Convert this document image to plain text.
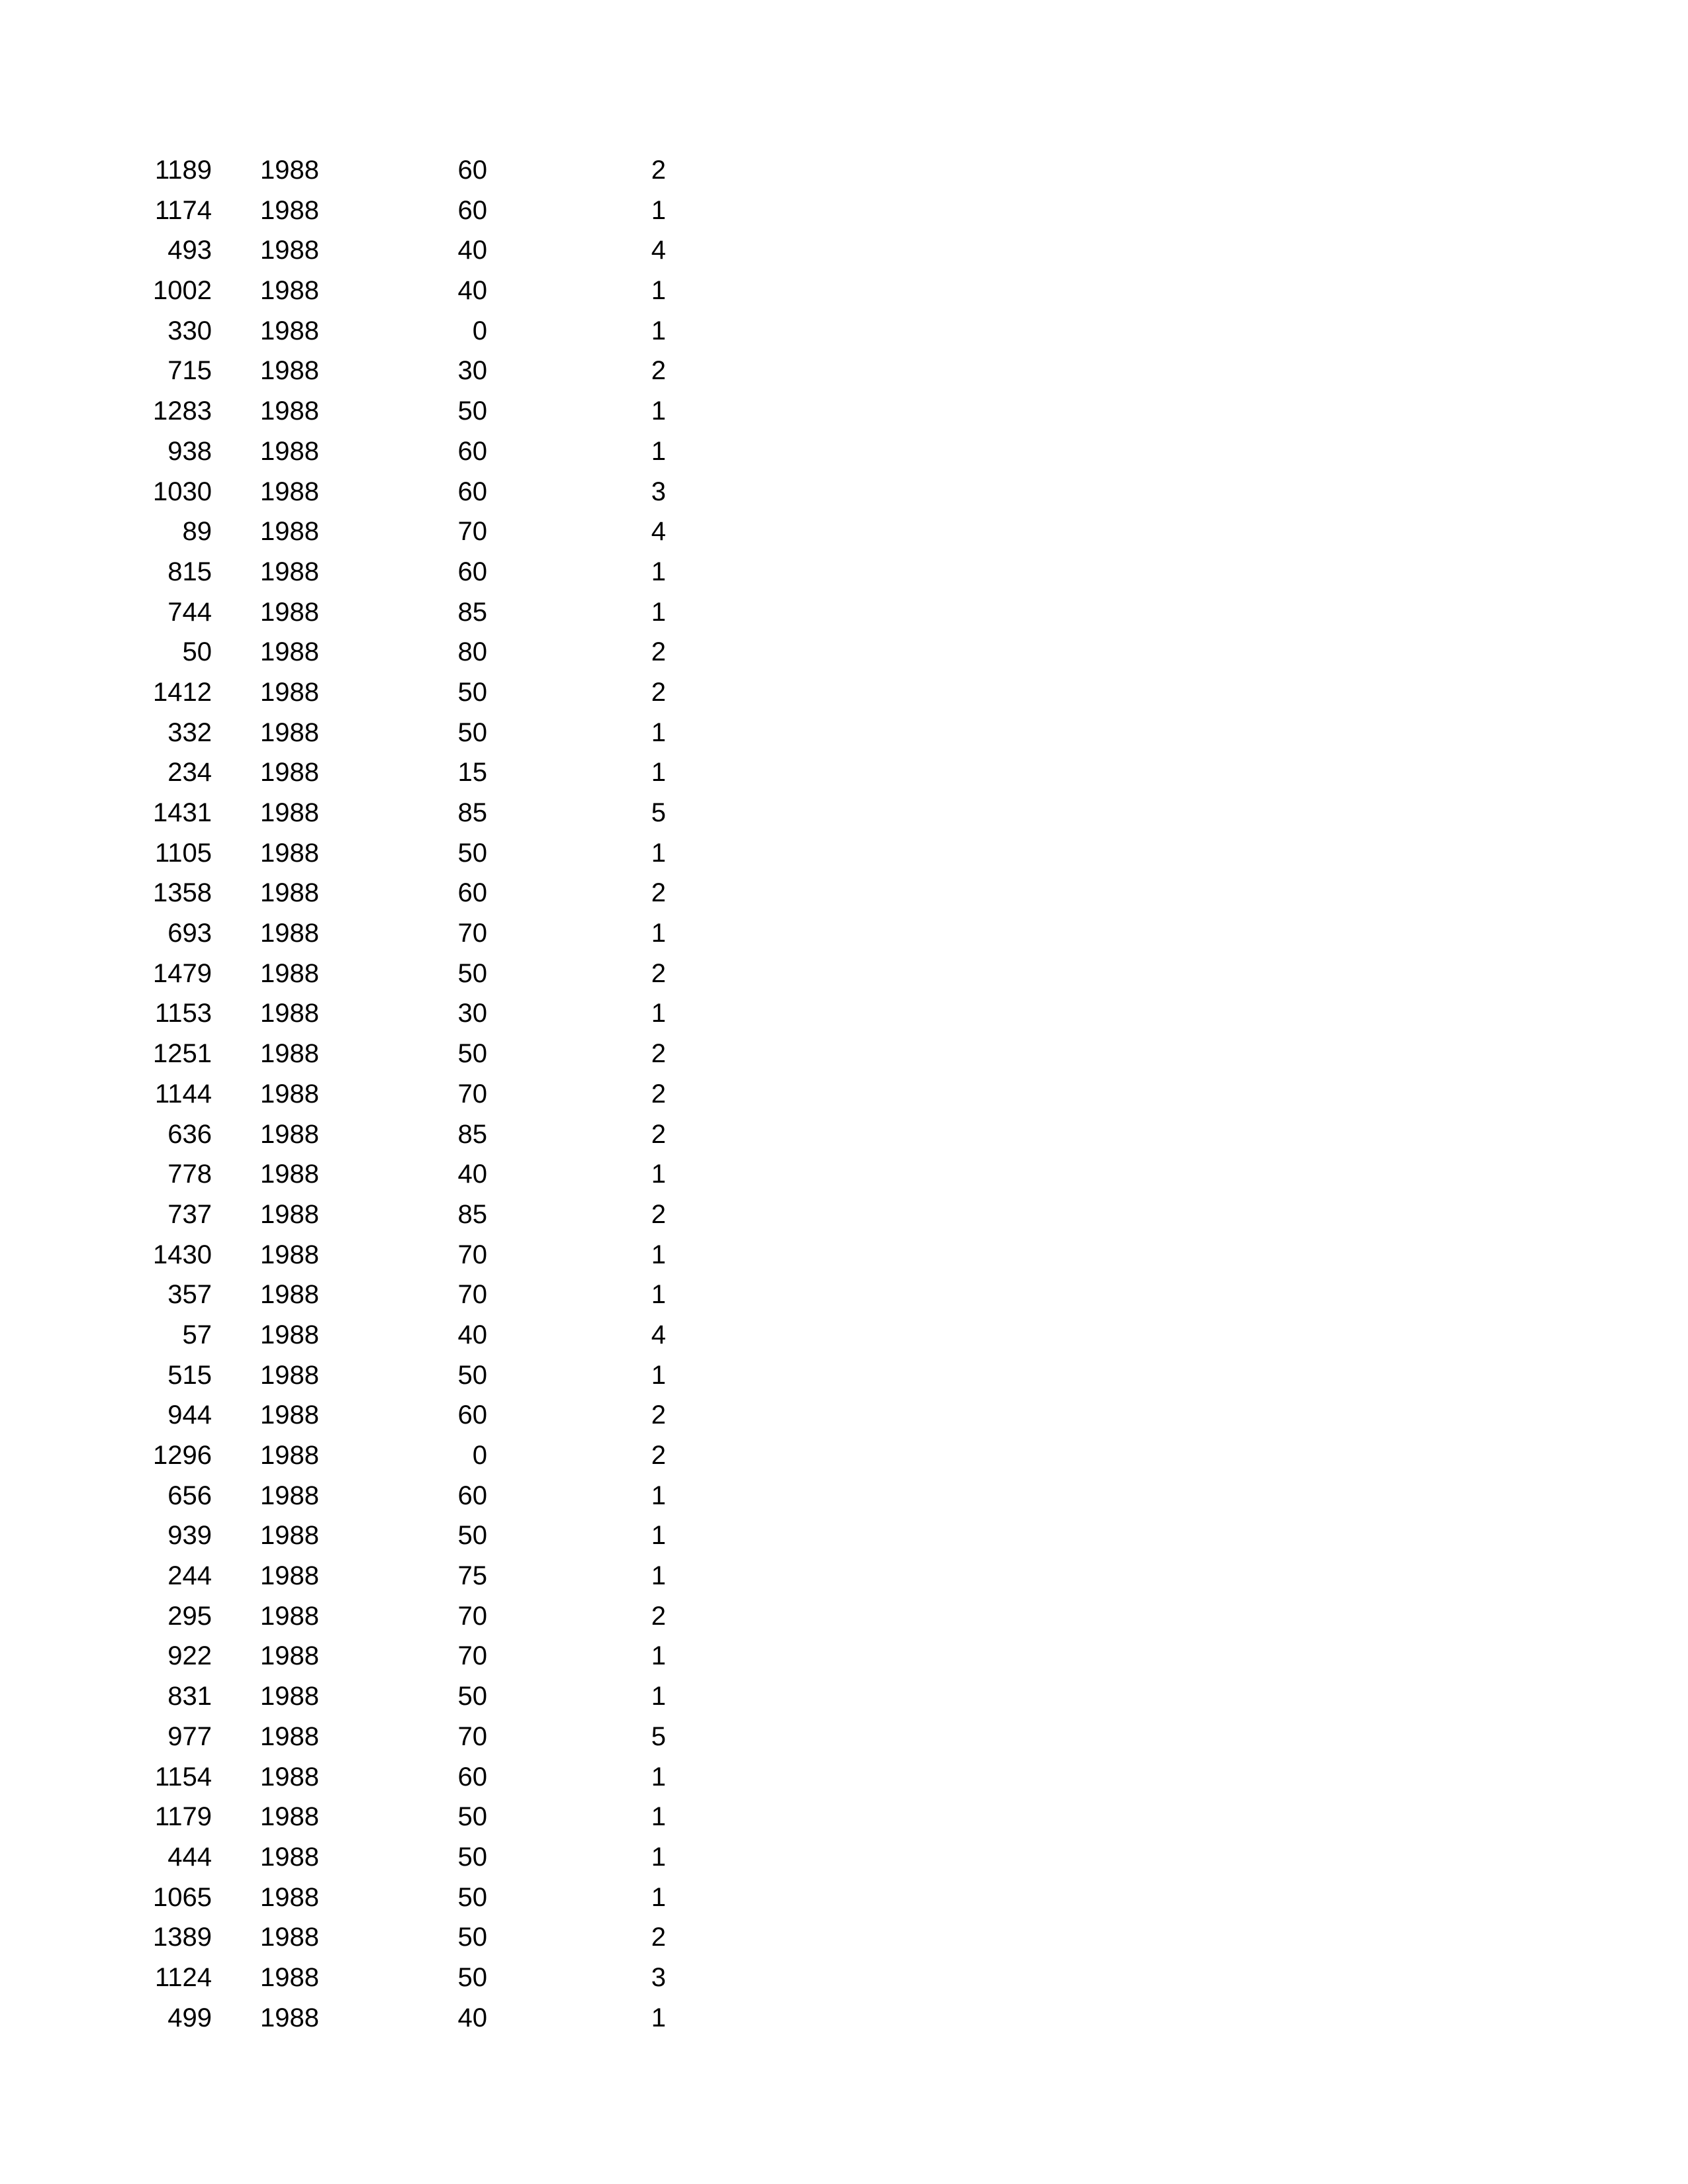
1189	1988	60	2
1174	1988	60	1
493	1988	40	4
1002	1988	40	1
330	1988	0	1
715	1988	30	2
1283	1988	50	1
938	1988	60	1
1030	1988	60	3
89	1988	70	4
815	1988	60	1
744	1988	85	1
50	1988	80	2
1412	1988	50	2
332	1988	50	1
234	1988	15	1
1431	1988	85	5
1105	1988	50	1
1358	1988	60	2
693	1988	70	1
1479	1988	50	2
1153	1988	30	1
1251	1988	50	2
1144	1988	70	2
636	1988	85	2
778	1988	40	1
737	1988	85	2
1430	1988	70	1
357	1988	70	1
57	1988	40	4
515	1988	50	1
944	1988	60	2
1296	1988	0	2
656	1988	60	1
939	1988	50	1
244	1988	75	1
295	1988	70	2
922	1988	70	1
831	1988	50	1
977	1988	70	5
1154	1988	60	1
1179	1988	50	1
444	1988	50	1
1065	1988	50	1
1389	1988	50	2
1124	1988	50	3
499	1988	40	1
